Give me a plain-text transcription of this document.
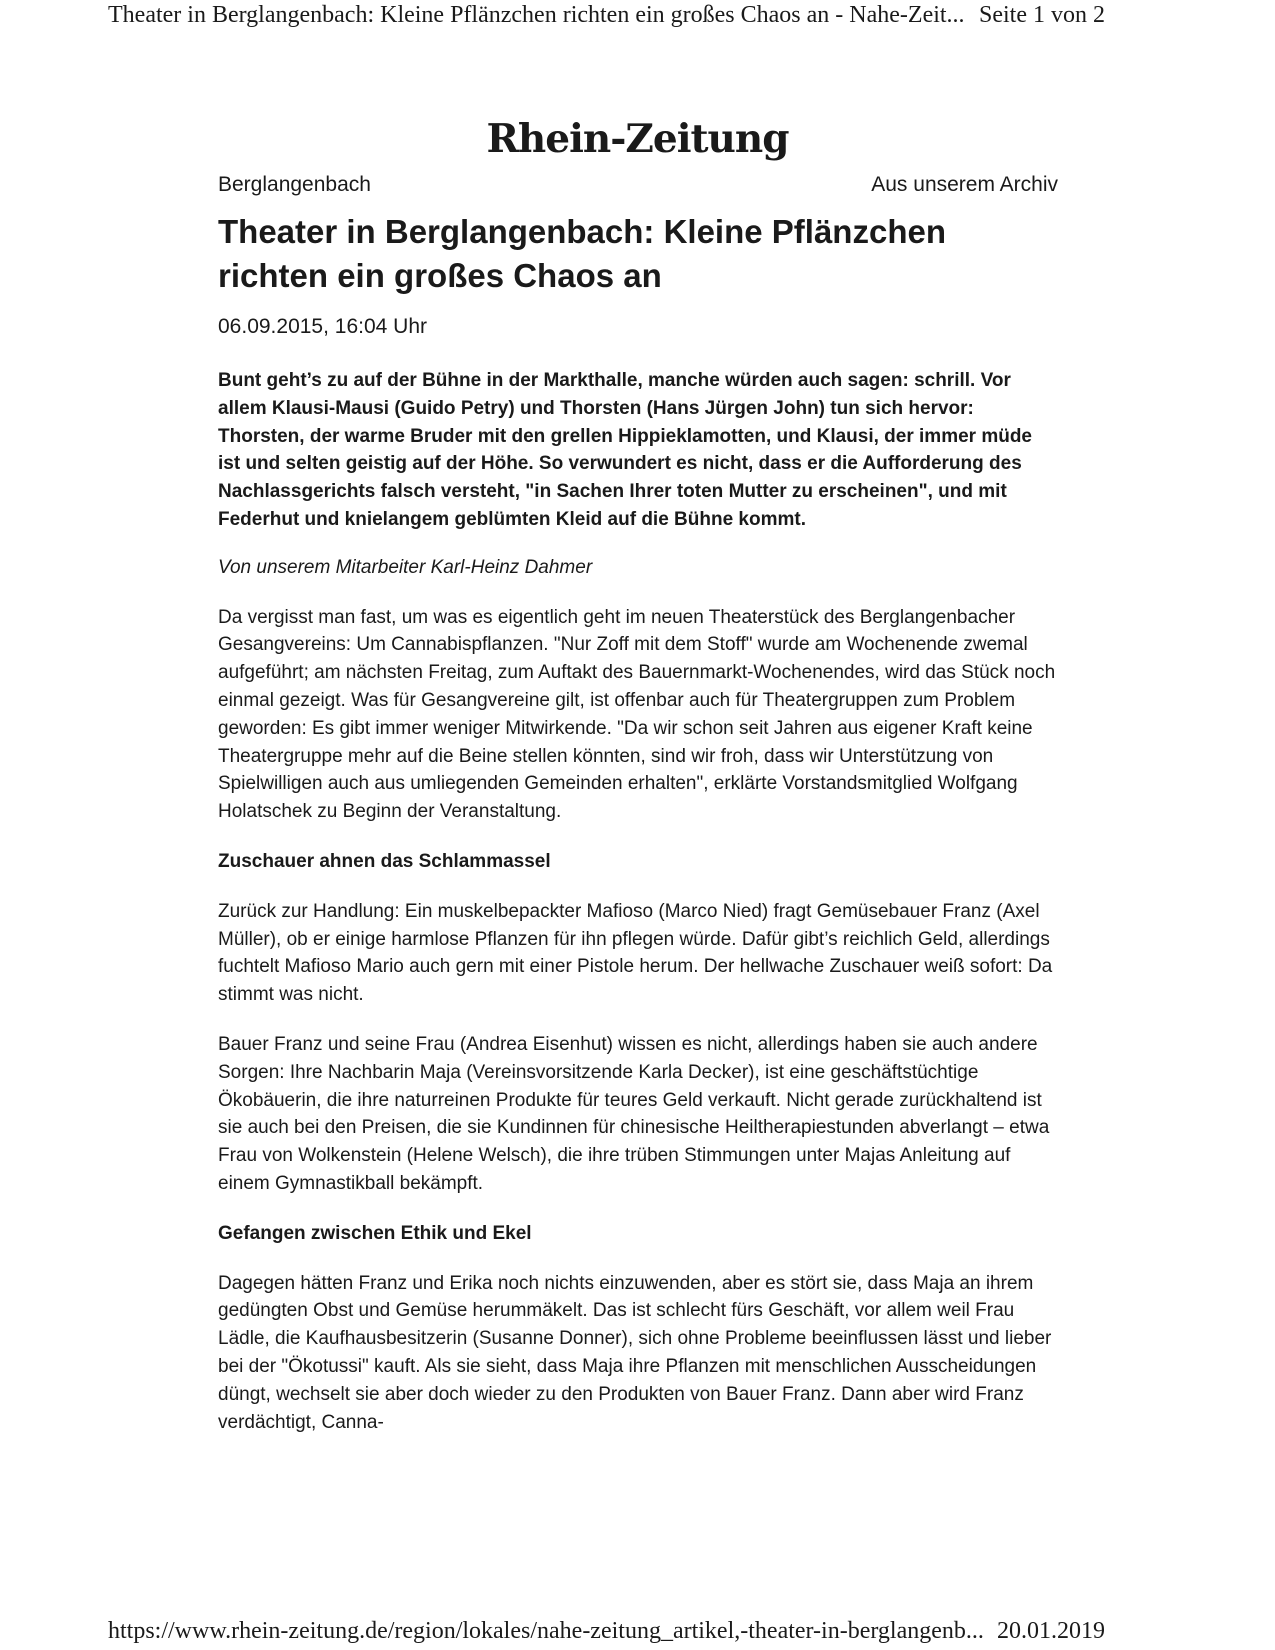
Theater in Berglangenbach: Kleine Pflänzchen richten ein großes Chaos an - Nahe-Zeit... Seite 1 von 2
Rhein-Zeitung
Berglangenbach	Aus unserem Archiv
Theater in Berglangenbach: Kleine Pflänzchen
richten ein großes Chaos an
06.09.2015, 16:04 Uhr

Bunt geht’s zu auf der Bühne in der Markthalle, manche würden auch sagen: schrill. Vor allem Klausi-Mausi (Guido Petry) und Thorsten (Hans Jürgen John) tun sich hervor: Thorsten, der warme Bruder mit den grellen Hippieklamotten, und Klausi, der immer müde ist und selten geistig auf der Höhe. So verwundert es nicht, dass er die Aufforderung des Nachlassgerichts falsch versteht, "in Sachen Ihrer toten Mutter zu erscheinen", und mit Federhut und knielangem geblümten Kleid auf die Bühne kommt.

Von unserem Mitarbeiter Karl-Heinz Dahmer

Da vergisst man fast, um was es eigentlich geht im neuen Theaterstück des Berglangenbacher Gesangvereins: Um Cannabispflanzen. "Nur Zoff mit dem Stoff" wurde am Wochenende zwemal aufgeführt; am nächsten Freitag, zum Auftakt des Bauernmarkt-Wochenendes, wird das Stück noch einmal gezeigt. Was für Gesangvereine gilt, ist offenbar auch für Theatergruppen zum Problem geworden: Es gibt immer weniger Mitwirkende. "Da wir schon seit Jahren aus eigener Kraft keine Theatergruppe mehr auf die Beine stellen könnten, sind wir froh, dass wir Unterstützung von Spielwilligen auch aus umliegenden Gemeinden erhalten", erklärte Vorstandsmitglied Wolfgang Holatschek zu Beginn der Veranstaltung.

Zuschauer ahnen das Schlammassel

Zurück zur Handlung: Ein muskelbepackter Mafioso (Marco Nied) fragt Gemüsebauer Franz (Axel Müller), ob er einige harmlose Pflanzen für ihn pflegen würde. Dafür gibt’s reichlich Geld, allerdings fuchtelt Mafioso Mario auch gern mit einer Pistole herum. Der hellwache Zuschauer weiß sofort: Da stimmt was nicht.

Bauer Franz und seine Frau (Andrea Eisenhut) wissen es nicht, allerdings haben sie auch andere Sorgen: Ihre Nachbarin Maja (Vereinsvorsitzende Karla Decker), ist eine geschäftstüchtige Ökobäuerin, die ihre naturreinen Produkte für teures Geld verkauft. Nicht gerade zurückhaltend ist sie auch bei den Preisen, die sie Kundinnen für chinesische Heiltherapiestunden abverlangt – etwa Frau von Wolkenstein (Helene Welsch), die ihre trüben Stimmungen unter Majas Anleitung auf einem Gymnastikball bekämpft.

Gefangen zwischen Ethik und Ekel

Dagegen hätten Franz und Erika noch nichts einzuwenden, aber es stört sie, dass Maja an ihrem gedüngten Obst und Gemüse herummäkelt. Das ist schlecht fürs Geschäft, vor allem weil Frau Lädle, die Kaufhausbesitzerin (Susanne Donner), sich ohne Probleme beeinflussen lässt und lieber bei der "Ökotussi" kauft. Als sie sieht, dass Maja ihre Pflanzen mit menschlichen Ausscheidungen düngt, wechselt sie aber doch wieder zu den Produkten von Bauer Franz. Dann aber wird Franz verdächtigt, Canna-

https://www.rhein-zeitung.de/region/lokales/nahe-zeitung_artikel,-theater-in-berglangenb... 20.01.2019
